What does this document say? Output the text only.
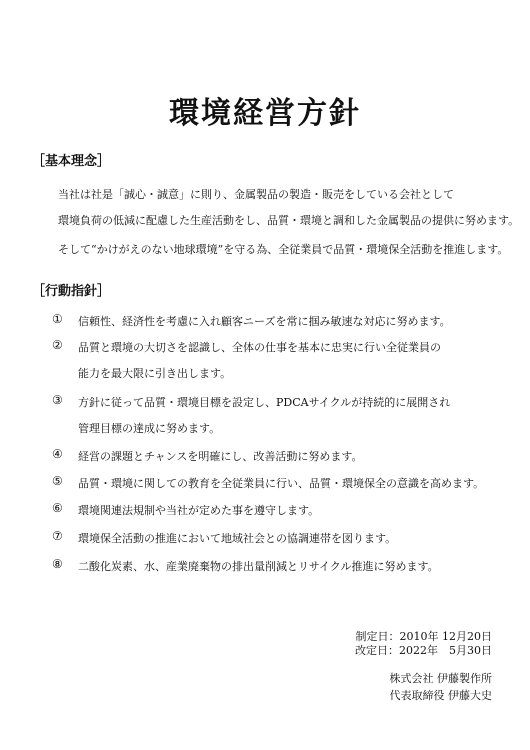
環境経営方針
［基本理念］
当社は社是「誠心・誠意」に則り、金属製品の製造・販売をしている会社として
環境負荷の低減に配慮した生産活動をし、品質・環境と調和した金属製品の提供に努めます。
そして“かけがえのない地球環境”を守る為、全従業員で品質・環境保全活動を推進します。
［行動指針］
① 信頼性、経済性を考慮に入れ顧客ニーズを常に掴み敏速な対応に努めます。
② 品質と環境の大切さを認識し、全体の仕事を基本に忠実に行い全従業員の
能力を最大限に引き出します。
③ 方針に従って品質・環境目標を設定し、PDCAサイクルが持続的に展開され
管理目標の達成に努めます。
④ 経営の課題とチャンスを明確にし、改善活動に努めます。
⑤ 品質・環境に関しての教育を全従業員に行い、品質・環境保全の意識を高めます。
⑥ 環境関連法規制や当社が定めた事を遵守します。
⑦ 環境保全活動の推進において地域社会との協調連帯を図ります。
⑧ 二酸化炭素、水、産業廃棄物の排出量削減とリサイクル推進に努めます。
制定日：2010年 12月20日
改定日：2022年　5月30日
株式会社 伊藤製作所
代表取締役 伊藤大史
